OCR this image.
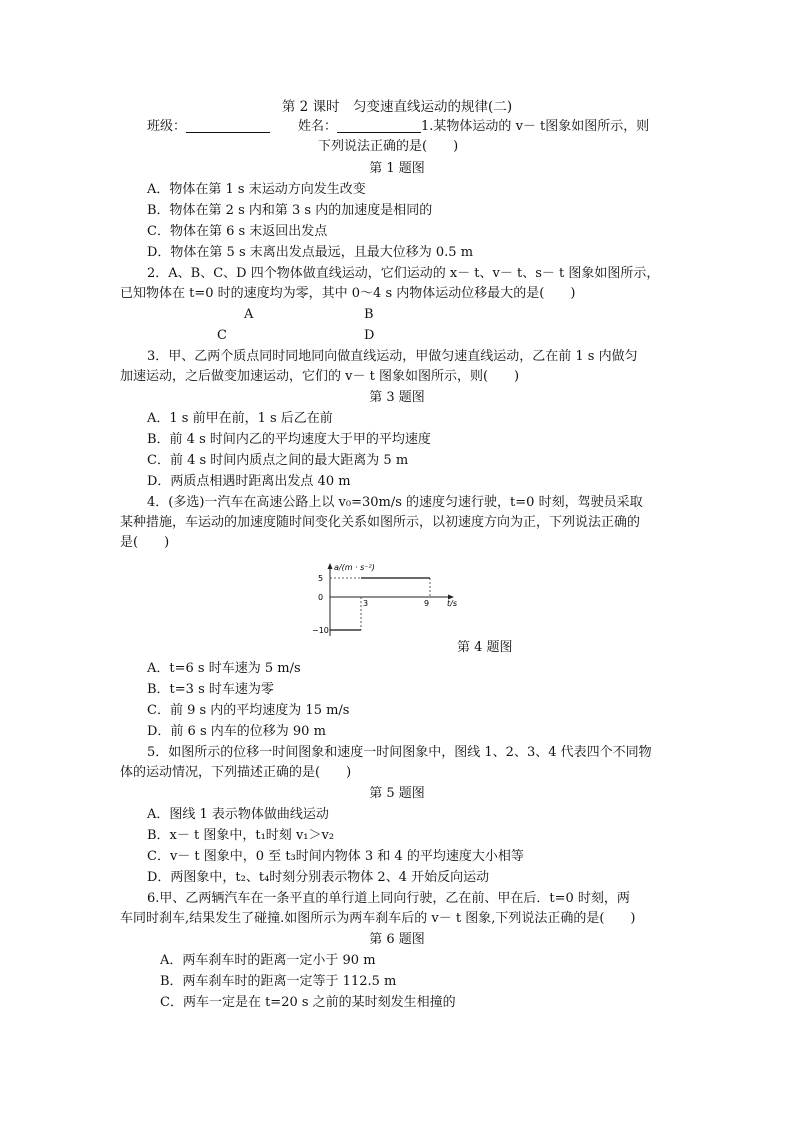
第 2 课时　匀变速直线运动的规律(二)
班级：	姓名：	1.某物体运动的 v－ t图象如图所示，则
下列说法正确的是(　　)
第 1 题图
A．物体在第 1 s 末运动方向发生改变
B．物体在第 2 s 内和第 3 s 内的加速度是相同的
C．物体在第 6 s 末返回出发点
D．物体在第 5 s 末离出发点最远，且最大位移为 0.5 m
2．A、B、C、D 四个物体做直线运动，它们运动的 x－ t、v－ t、s－ t 图象如图所示，
已知物体在 t=0 时的速度均为零，其中 0～4 s 内物体运动位移最大的是(　　)
A	B
C	D
3．甲、乙两个质点同时同地同向做直线运动，甲做匀速直线运动，乙在前 1 s 内做匀
加速运动，之后做变加速运动，它们的 v－ t 图象如图所示，则(　　)
第 3 题图
A．1 s 前甲在前，1 s 后乙在前
B．前 4 s 时间内乙的平均速度大于甲的平均速度
C．前 4 s 时间内质点之间的最大距离为 5 m
D．两质点相遇时距离出发点 40 m
4．(多选)一汽车在高速公路上以 v₀=30m/s 的速度匀速行驶，t=0 时刻，驾驶员采取
某种措施，车运动的加速度随时间变化关系如图所示，以初速度方向为正，下列说法正确的
是(　　)
a/(m · s⁻²)
t/s
5
0
−10
3	9
第 4 题图
A．t=6 s 时车速为 5 m/s
B．t=3 s 时车速为零
C．前 9 s 内的平均速度为 15 m/s
D．前 6 s 内车的位移为 90 m
5．如图所示的位移一时间图象和速度一时间图象中，图线 1、2、3、4 代表四个不同物
体的运动情况，下列描述正确的是(　　)
第 5 题图
A．图线 1 表示物体做曲线运动
B．x－ t 图象中，t₁时刻 v₁＞v₂
C．v－ t 图象中，0 至 t₃时间内物体 3 和 4 的平均速度大小相等
D．两图象中，t₂、t₄时刻分别表示物体 2、4 开始反向运动
6.甲、乙两辆汽车在一条平直的单行道上同向行驶，乙在前、甲在后．t=0 时刻，两
车同时刹车,结果发生了碰撞.如图所示为两车刹车后的 v－ t 图象,下列说法正确的是(　　)
第 6 题图
A．两车刹车时的距离一定小于 90 m
B．两车刹车时的距离一定等于 112.5 m
C．两车一定是在 t=20 s 之前的某时刻发生相撞的
